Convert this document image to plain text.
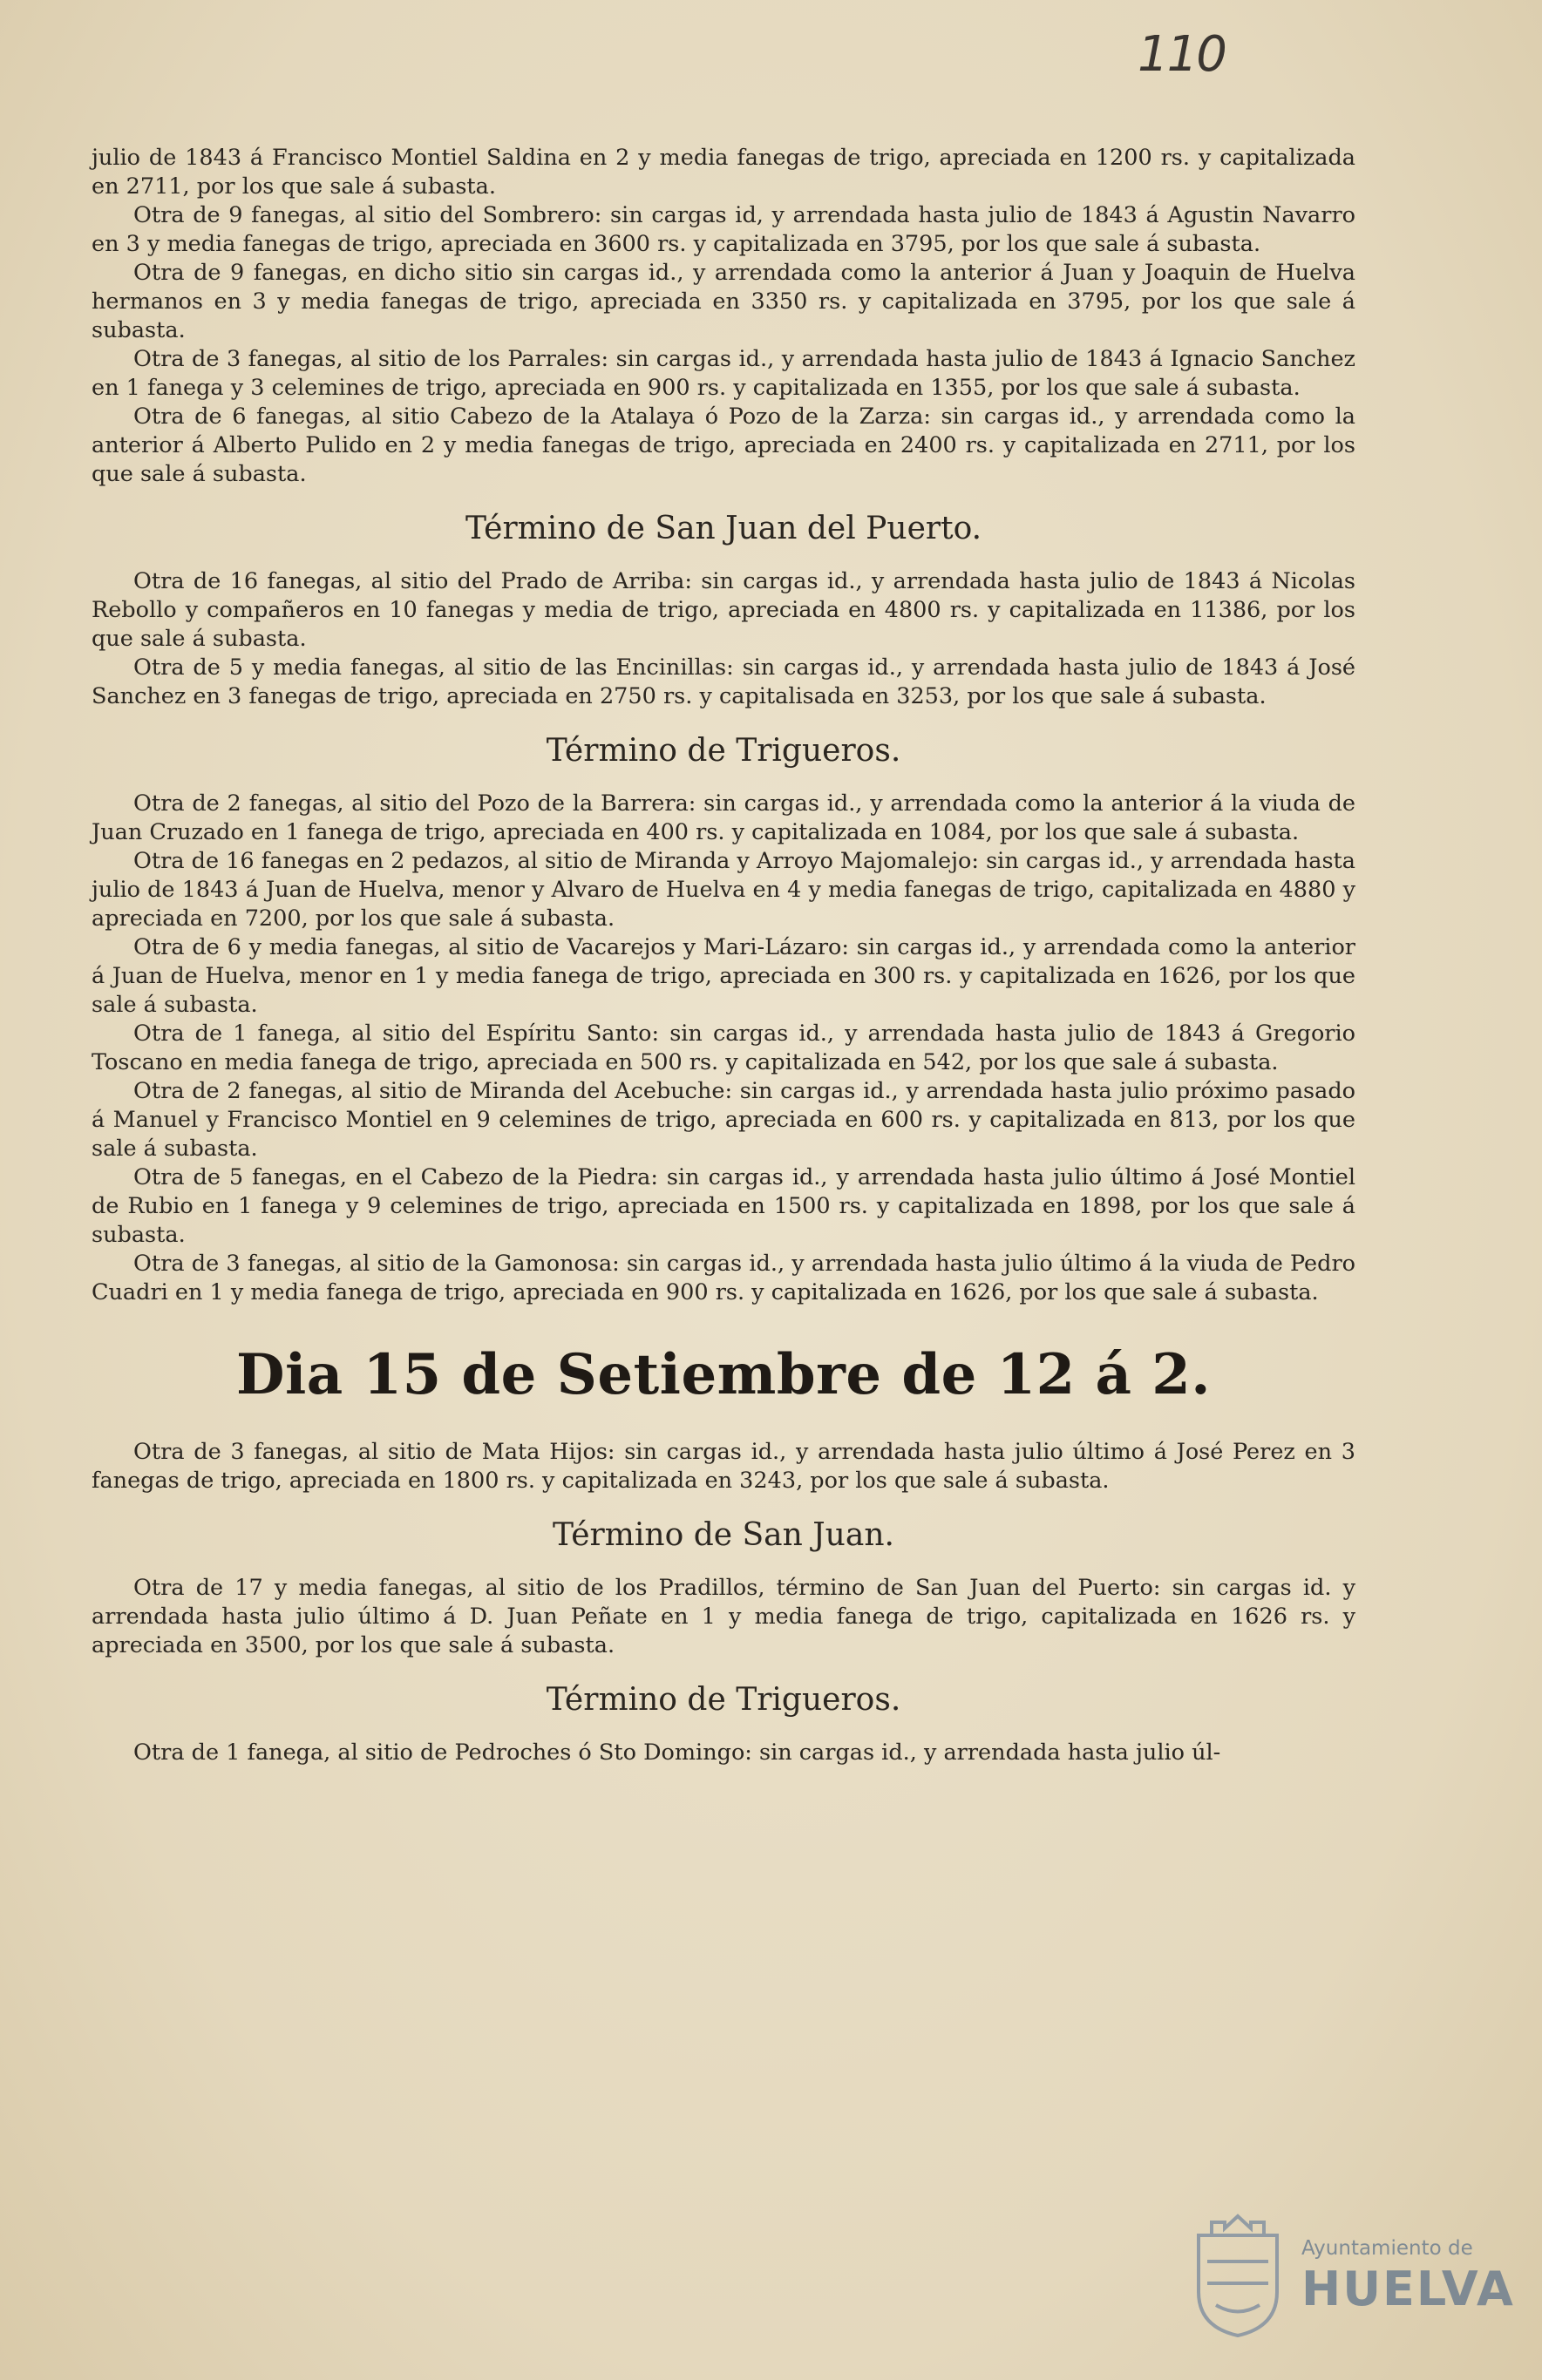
110

julio de 1843 á Francisco Montiel Saldina en 2 y media fanegas de trigo, apreciada en 1200 rs. y capitalizada en 2711, por los que sale á subasta.

Otra de 9 fanegas, al sitio del Sombrero: sin cargas id, y arrendada hasta julio de 1843 á Agustin Navarro en 3 y media fanegas de trigo, apreciada en 3600 rs. y capitalizada en 3795, por los que sale á subasta.

Otra de 9 fanegas, en dicho sitio sin cargas id., y arrendada como la anterior á Juan y Joaquin de Huelva hermanos en 3 y media fanegas de trigo, apreciada en 3350 rs. y capitalizada en 3795, por los que sale á subasta.

Otra de 3 fanegas, al sitio de los Parrales: sin cargas id., y arrendada hasta julio de 1843 á Ignacio Sanchez en 1 fanega y 3 celemines de trigo, apreciada en 900 rs. y capitalizada en 1355, por los que sale á subasta.

Otra de 6 fanegas, al sitio Cabezo de la Atalaya ó Pozo de la Zarza: sin cargas id., y arrendada como la anterior á Alberto Pulido en 2 y media fanegas de trigo, apreciada en 2400 rs. y capitalizada en 2711, por los que sale á subasta.

Término de San Juan del Puerto.

Otra de 16 fanegas, al sitio del Prado de Arriba: sin cargas id., y arrendada hasta julio de 1843 á Nicolas Rebollo y compañeros en 10 fanegas y media de trigo, apreciada en 4800 rs. y capitalizada en 11386, por los que sale á subasta.

Otra de 5 y media fanegas, al sitio de las Encinillas: sin cargas id., y arrendada hasta julio de 1843 á José Sanchez en 3 fanegas de trigo, apreciada en 2750 rs. y capitalisada en 3253, por los que sale á subasta.

Término de Trigueros.

Otra de 2 fanegas, al sitio del Pozo de la Barrera: sin cargas id., y arrendada como la anterior á la viuda de Juan Cruzado en 1 fanega de trigo, apreciada en 400 rs. y capitalizada en 1084, por los que sale á subasta.

Otra de 16 fanegas en 2 pedazos, al sitio de Miranda y Arroyo Majomalejo: sin cargas id., y arrendada hasta julio de 1843 á Juan de Huelva, menor y Alvaro de Huelva en 4 y media fanegas de trigo, capitalizada en 4880 y apreciada en 7200, por los que sale á subasta.

Otra de 6 y media fanegas, al sitio de Vacarejos y Mari-Lázaro: sin cargas id., y arrendada como la anterior á Juan de Huelva, menor en 1 y media fanega de trigo, apreciada en 300 rs. y capitalizada en 1626, por los que sale á subasta.

Otra de 1 fanega, al sitio del Espíritu Santo: sin cargas id., y arrendada hasta julio de 1843 á Gregorio Toscano en media fanega de trigo, apreciada en 500 rs. y capitalizada en 542, por los que sale á subasta.

Otra de 2 fanegas, al sitio de Miranda del Acebuche: sin cargas id., y arrendada hasta julio próximo pasado á Manuel y Francisco Montiel en 9 celemines de trigo, apreciada en 600 rs. y capitalizada en 813, por los que sale á subasta.

Otra de 5 fanegas, en el Cabezo de la Piedra: sin cargas id., y arrendada hasta julio último á José Montiel de Rubio en 1 fanega y 9 celemines de trigo, apreciada en 1500 rs. y capitalizada en 1898, por los que sale á subasta.

Otra de 3 fanegas, al sitio de la Gamonosa: sin cargas id., y arrendada hasta julio último á la viuda de Pedro Cuadri en 1 y media fanega de trigo, apreciada en 900 rs. y capitalizada en 1626, por los que sale á subasta.

Dia 15 de Setiembre de 12 á 2.

Otra de 3 fanegas, al sitio de Mata Hijos: sin cargas id., y arrendada hasta julio último á José Perez en 3 fanegas de trigo, apreciada en 1800 rs. y capitalizada en 3243, por los que sale á subasta.

Término de San Juan.

Otra de 17 y media fanegas, al sitio de los Pradillos, término de San Juan del Puerto: sin cargas id. y arrendada hasta julio último á D. Juan Peñate en 1 y media fanega de trigo, capitalizada en 1626 rs. y apreciada en 3500, por los que sale á subasta.

Término de Trigueros.

Otra de 1 fanega, al sitio de Pedroches ó Sto Domingo: sin cargas id., y arrendada hasta julio úl-

Ayuntamiento de
HUELVA
